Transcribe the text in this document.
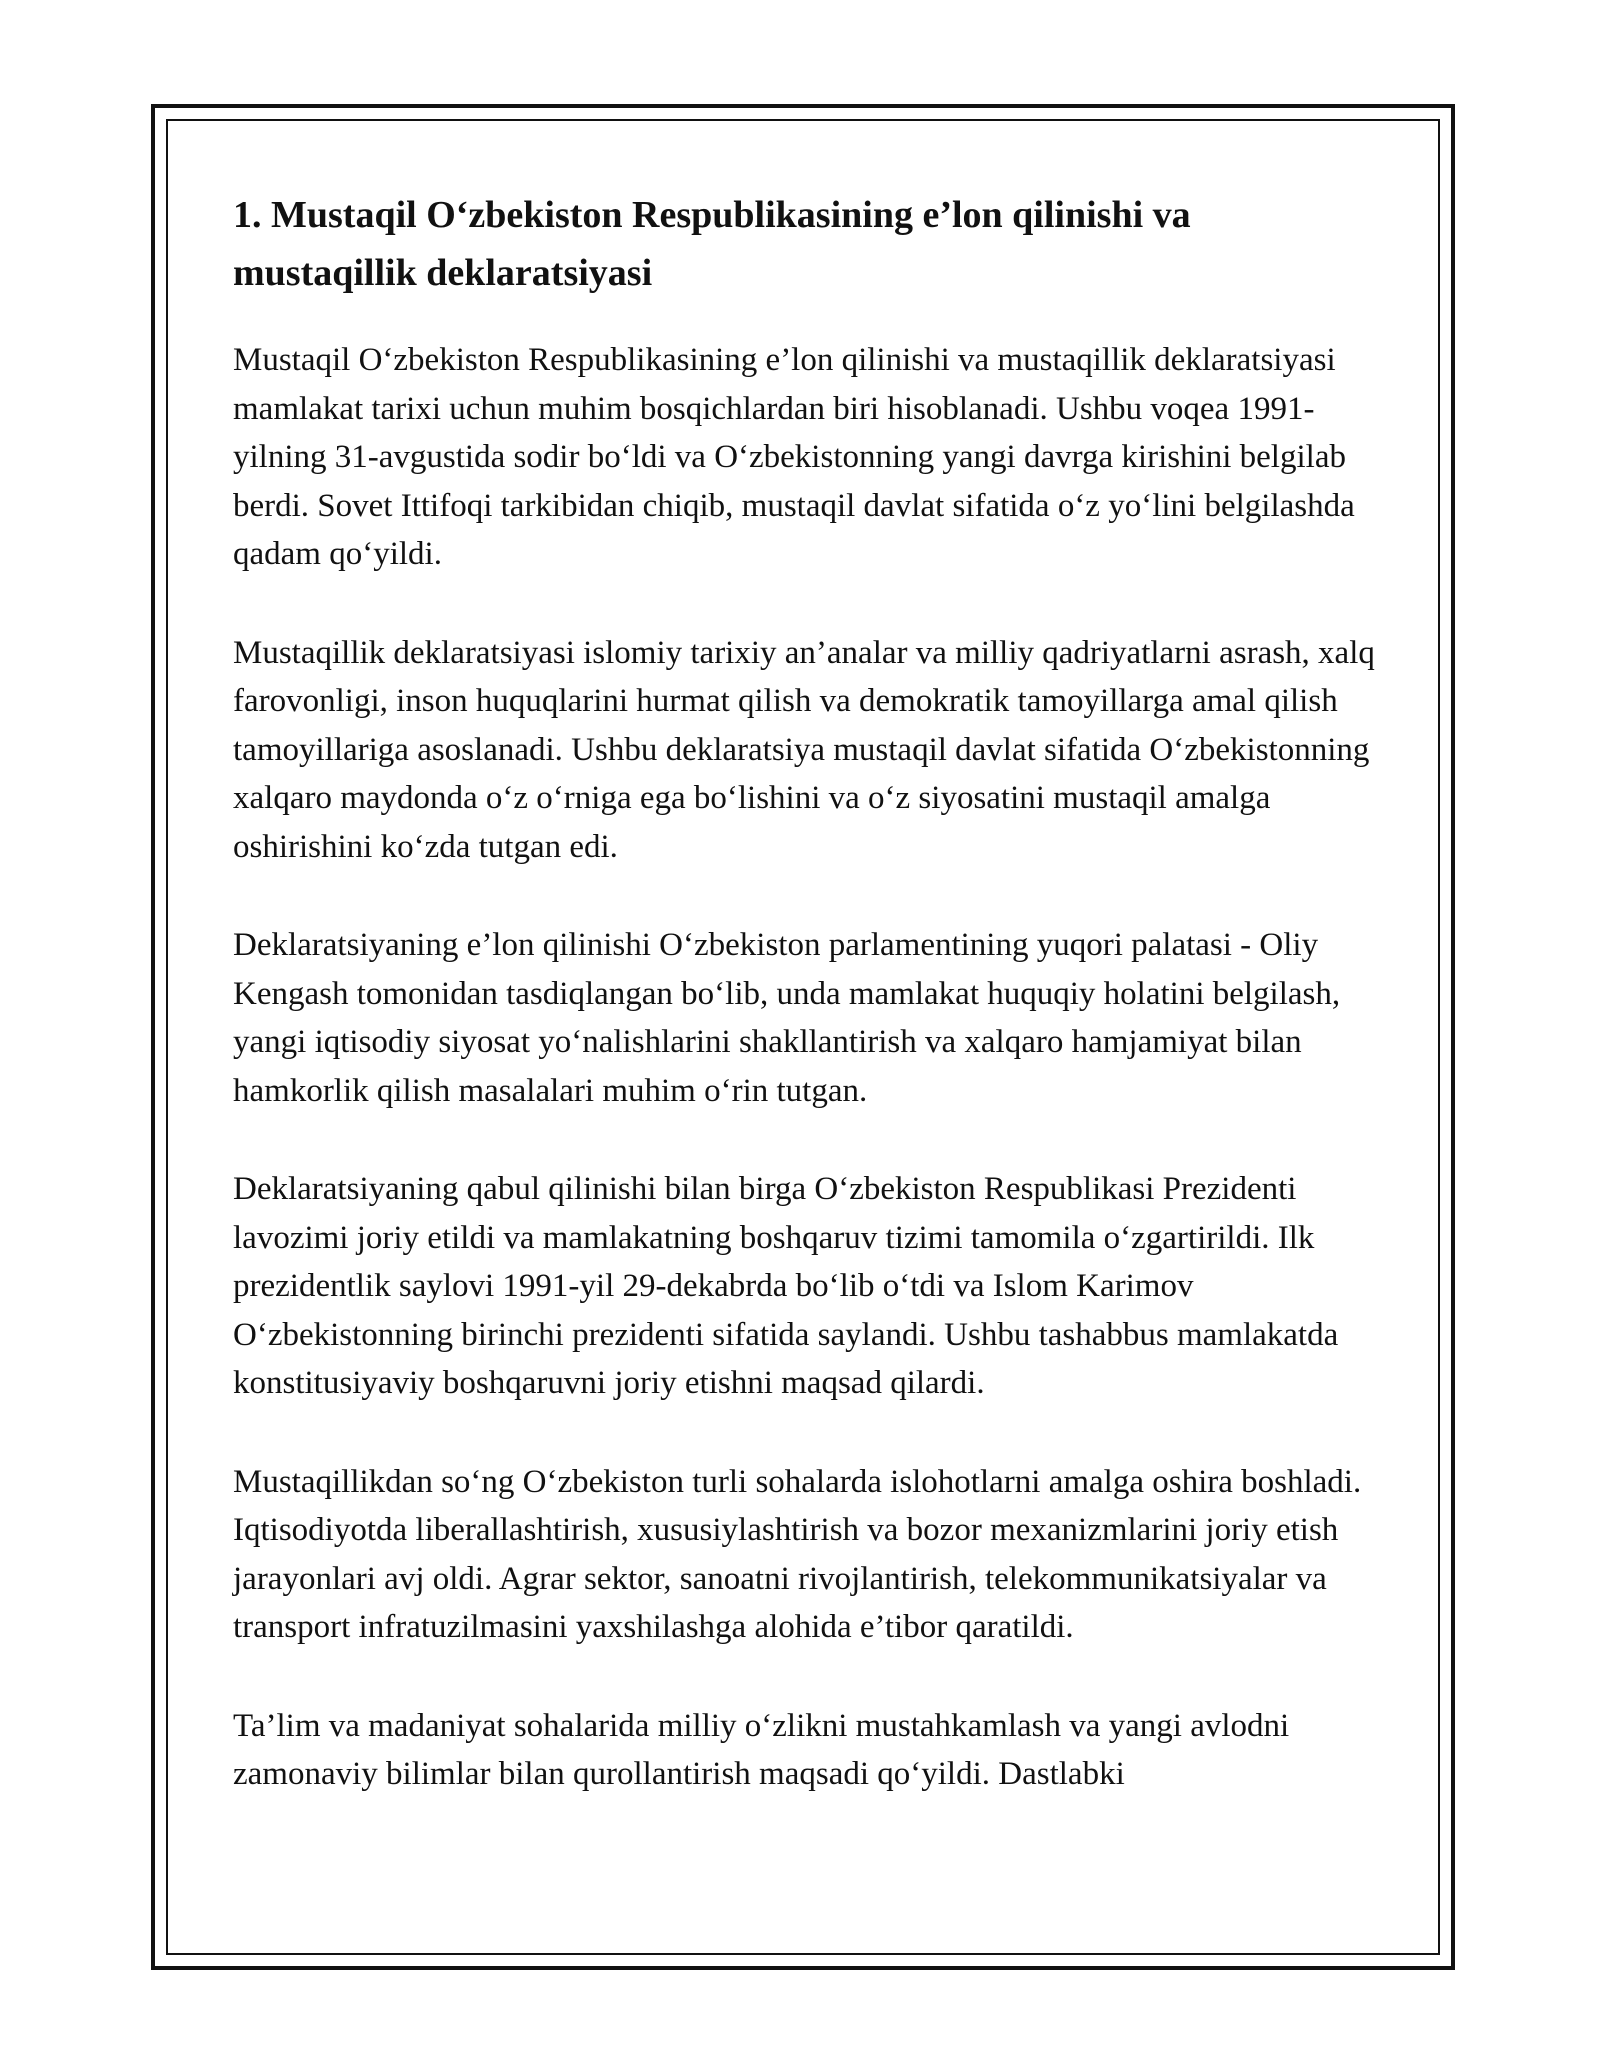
1. Mustaqil O‘zbekiston Respublikasining e’lon qilinishi va mustaqillik deklaratsiyasi

Mustaqil O‘zbekiston Respublikasining e’lon qilinishi va mustaqillik deklaratsiyasi mamlakat tarixi uchun muhim bosqichlardan biri hisoblanadi. Ushbu voqea 1991-yilning 31-avgustida sodir bo‘ldi va O‘zbekistonning yangi davrga kirishini belgilab berdi. Sovet Ittifoqi tarkibidan chiqib, mustaqil davlat sifatida o‘z yo‘lini belgilashda qadam qo‘yildi.

Mustaqillik deklaratsiyasi islomiy tarixiy an’analar va milliy qadriyatlarni asrash, xalq farovonligi, inson huquqlarini hurmat qilish va demokratik tamoyillarga amal qilish tamoyillariga asoslanadi. Ushbu deklaratsiya mustaqil davlat sifatida O‘zbekistonning xalqaro maydonda o‘z o‘rniga ega bo‘lishini va o‘z siyosatini mustaqil amalga oshirishini ko‘zda tutgan edi.

Deklaratsiyaning e’lon qilinishi O‘zbekiston parlamentining yuqori palatasi - Oliy Kengash tomonidan tasdiqlangan bo‘lib, unda mamlakat huquqiy holatini belgilash, yangi iqtisodiy siyosat yo‘nalishlarini shakllantirish va xalqaro hamjamiyat bilan hamkorlik qilish masalalari muhim o‘rin tutgan.

Deklaratsiyaning qabul qilinishi bilan birga O‘zbekiston Respublikasi Prezidenti lavozimi joriy etildi va mamlakatning boshqaruv tizimi tamomila o‘zgartirildi. Ilk prezidentlik saylovi 1991-yil 29-dekabrda bo‘lib o‘tdi va Islom Karimov O‘zbekistonning birinchi prezidenti sifatida saylandi. Ushbu tashabbus mamlakatda konstitusiyaviy boshqaruvni joriy etishni maqsad qilardi.

Mustaqillikdan so‘ng O‘zbekiston turli sohalarda islohotlarni amalga oshira boshladi. Iqtisodiyotda liberallashtirish, xususiylashtirish va bozor mexanizmlarini joriy etish jarayonlari avj oldi. Agrar sektor, sanoatni rivojlantirish, telekommunikatsiyalar va transport infratuzilmasini yaxshilashga alohida e’tibor qaratildi.

Ta’lim va madaniyat sohalarida milliy o‘zlikni mustahkamlash va yangi avlodni zamonaviy bilimlar bilan qurollantirish maqsadi qo‘yildi. Dastlabki
